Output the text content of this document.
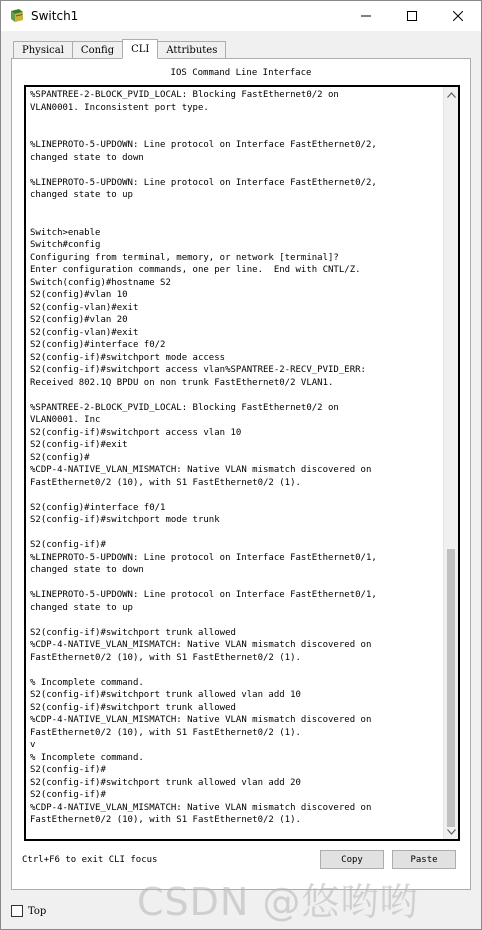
Switch1
Physical	Config	CLI	Attributes
IOS Command Line Interface
%SPANTREE-2-BLOCK_PVID_LOCAL: Blocking FastEthernet0/2 on
VLAN0001. Inconsistent port type.

%LINEPROTO-5-UPDOWN: Line protocol on Interface FastEthernet0/2,
changed state to down

%LINEPROTO-5-UPDOWN: Line protocol on Interface FastEthernet0/2,
changed state to up

Switch>enable
Switch#config
Configuring from terminal, memory, or network [terminal]?
Enter configuration commands, one per line.  End with CNTL/Z.
Switch(config)#hostname S2
S2(config)#vlan 10
S2(config-vlan)#exit
S2(config)#vlan 20
S2(config-vlan)#exit
S2(config)#interface f0/2
S2(config-if)#switchport mode access
S2(config-if)#switchport access vlan%SPANTREE-2-RECV_PVID_ERR:
Received 802.1Q BPDU on non trunk FastEthernet0/2 VLAN1.

%SPANTREE-2-BLOCK_PVID_LOCAL: Blocking FastEthernet0/2 on
VLAN0001. Inc
S2(config-if)#switchport access vlan 10
S2(config-if)#exit
S2(config)#
%CDP-4-NATIVE_VLAN_MISMATCH: Native VLAN mismatch discovered on
FastEthernet0/2 (10), with S1 FastEthernet0/2 (1).

S2(config)#interface f0/1
S2(config-if)#switchport mode trunk

S2(config-if)#
%LINEPROTO-5-UPDOWN: Line protocol on Interface FastEthernet0/1,
changed state to down

%LINEPROTO-5-UPDOWN: Line protocol on Interface FastEthernet0/1,
changed state to up

S2(config-if)#switchport trunk allowed
%CDP-4-NATIVE_VLAN_MISMATCH: Native VLAN mismatch discovered on
FastEthernet0/2 (10), with S1 FastEthernet0/2 (1).

% Incomplete command.
S2(config-if)#switchport trunk allowed vlan add 10
S2(config-if)#switchport trunk allowed
%CDP-4-NATIVE_VLAN_MISMATCH: Native VLAN mismatch discovered on
FastEthernet0/2 (10), with S1 FastEthernet0/2 (1).
v
% Incomplete command.
S2(config-if)#
S2(config-if)#switchport trunk allowed vlan add 20
S2(config-if)#
%CDP-4-NATIVE_VLAN_MISMATCH: Native VLAN mismatch discovered on
FastEthernet0/2 (10), with S1 FastEthernet0/2 (1).
Ctrl+F6 to exit CLI focus	Copy	Paste
CSDN @悠哟哟
Top
